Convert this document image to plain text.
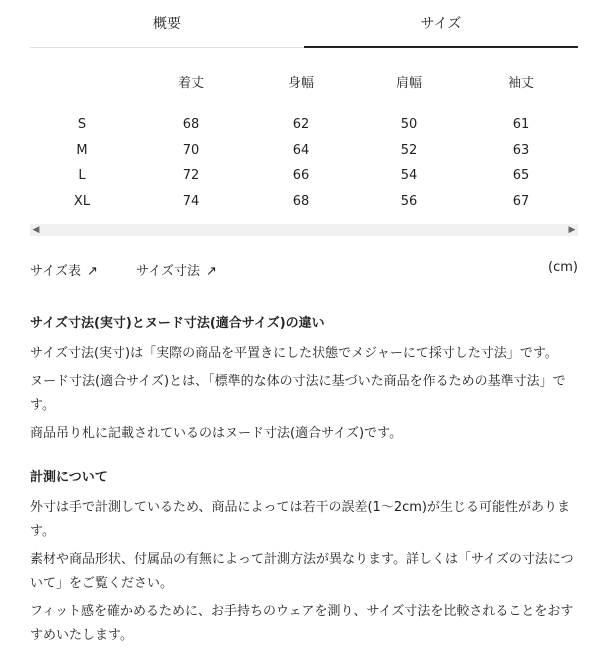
概要	サイズ
	着丈	身幅	肩幅	袖丈
S	68	62	50	61
M	70	64	52	63
L	72	66	54	65
XL	74	68	56	67
◀	▶
サイズ表 ↗	サイズ寸法 ↗	(cm)
サイズ寸法(実寸)とヌード寸法(適合サイズ)の違い

サイズ寸法(実寸)は「実際の商品を平置きにした状態でメジャーにて採寸した寸法」です。

ヌード寸法(適合サイズ)とは、「標準的な体の寸法に基づいた商品を作るための基準寸法」です。

商品吊り札に記載されているのはヌード寸法(適合サイズ)です。

計測について

外寸は手で計測しているため、商品によっては若干の誤差(1〜2cm)が生じる可能性があります。

素材や商品形状、付属品の有無によって計測方法が異なります。詳しくは「サイズの寸法について」をご覧ください。

フィット感を確かめるために、お手持ちのウェアを測り、サイズ寸法を比較されることをおすすめいたします。
